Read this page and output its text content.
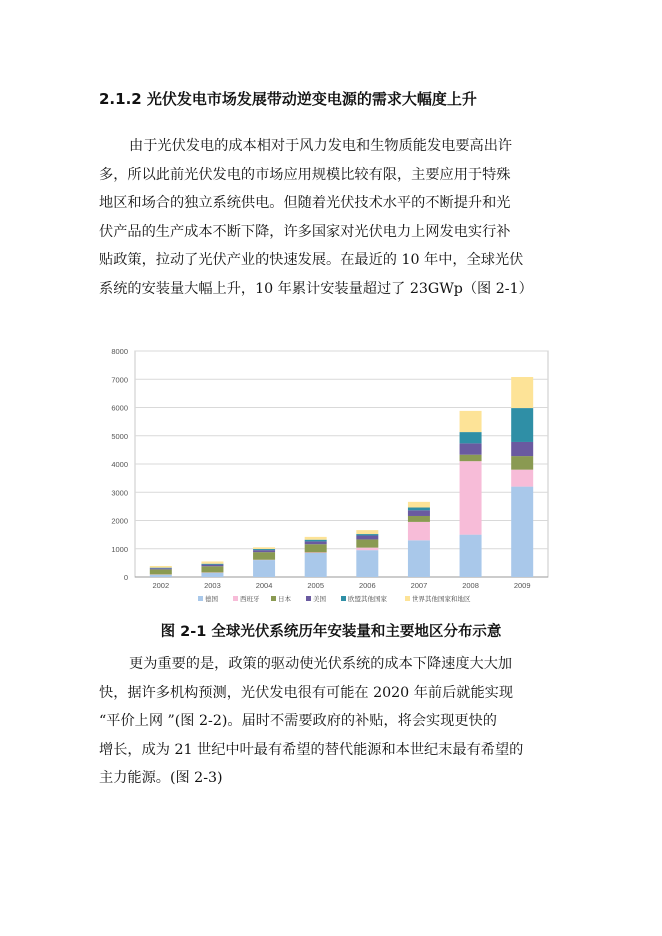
2.1.2 光伏发电市场发展带动逆变电源的需求大幅度上升
由于光伏发电的成本相对于风力发电和生物质能发电要高出许
多，所以此前光伏发电的市场应用规模比较有限，主要应用于特殊
地区和场合的独立系统供电。但随着光伏技术水平的不断提升和光
伏产品的生产成本不断下降，许多国家对光伏电力上网发电实行补
贴政策，拉动了光伏产业的快速发展。在最近的 10 年中，全球光伏
系统的安装量大幅上升，10 年累计安装量超过了 23GWp（图 2-1）
0
1000
2000
3000
4000
5000
6000
7000
8000
2002	2003	2004	2005	2006	2007	2008	2009
德国	西班牙	日本	美国	欧盟其他国家	世界其他国家和地区
图 2-1 全球光伏系统历年安装量和主要地区分布示意
更为重要的是，政策的驱动使光伏系统的成本下降速度大大加
快，据许多机构预测，光伏发电很有可能在 2020 年前后就能实现
“平价上网 ”(图 2-2)。届时不需要政府的补贴，将会实现更快的
增长，成为 21 世纪中叶最有希望的替代能源和本世纪末最有希望的
主力能源。(图 2-3)
